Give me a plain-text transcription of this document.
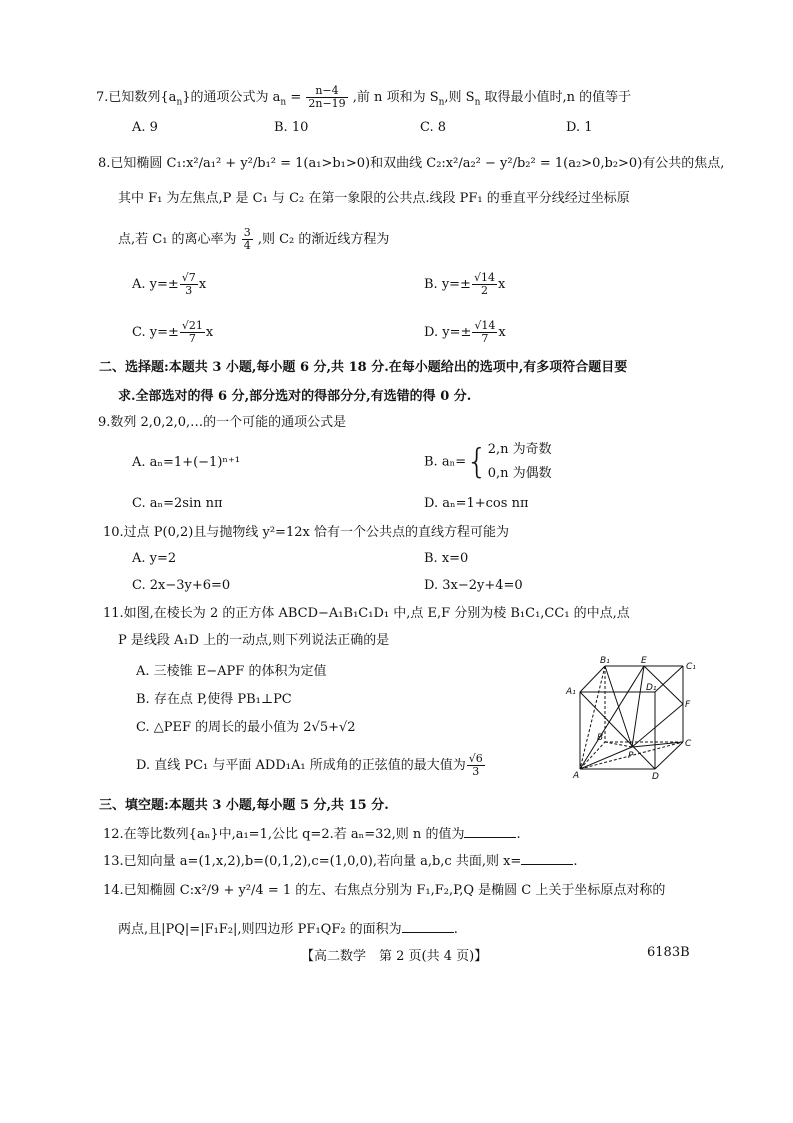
7.已知数列$\{a_n\}$的通项公式为 $a_n = \frac{n-4}{2n-19}$ ,前 n 项和为 $S_n$,则 $S_n$ 取得最小值时,n 的值等于
A. 9	B. 10	C. 8	D. 1
8.已知椭圆 C₁:x²/a₁² + y²/b₁² = 1(a₁>b₁>0)和双曲线 C₂:x²/a₂² − y²/b₂² = 1(a₂>0,b₂>0)有公共的焦点,
其中 F₁ 为左焦点,P 是 C₁ 与 C₂ 在第一象限的公共点.线段 PF₁ 的垂直平分线经过坐标原
点,若 C₁ 的离心率为 $\frac{3}{4}$ ,则 C₂ 的渐近线方程为
A. $y=\pm \frac{√7}{3}$ x	B. $y=\pm \frac{√14}{2}$ x
C. $y=\pm \frac{√21}{7}$ x	D. $y=\pm \frac{√14}{7}$ x
二、选择题:本题共 3 小题,每小题 6 分,共 18 分.在每小题给出的选项中,有多项符合题目要
求.全部选对的得 6 分,部分选对的得部分分,有选错的得 0 分.
9.数列 2,0,2,0,…的一个可能的通项公式是
A. aₙ=1+(−1)ⁿ⁺¹	B. aₙ={ 2,n 为奇数
0,n 为偶数
C. aₙ=2sin nπ	D. aₙ=1+cos nπ
10.过点 P(0,2)且与抛物线 y²=12x 恰有一个公共点的直线方程可能为
A. y=2	B. x=0
C. 2x−3y+6=0	D. 3x−2y+4=0
11.如图,在棱长为 2 的正方体 ABCD−A₁B₁C₁D₁ 中,点 E,F 分别为棱 B₁C₁,CC₁ 的中点,点
P 是线段 A₁D 上的一动点,则下列说法正确的是
A. 三棱锥 E−APF 的体积为定值
B. 存在点 P,使得 PB₁⊥PC
C. △PEF 的周长的最小值为 2√5+√2
D. 直线 PC₁ 与平面 ADD₁A₁ 所成角的正弦值的最大值为 $\frac{√6}{3}$
B₁	E
C₁
A₁	D₁
F
B
P
C
A	D
三、填空题:本题共 3 小题,每小题 5 分,共 15 分.
12.在等比数列{aₙ}中,a₁=1,公比 q=2.若 aₙ=32,则 n 的值为	.
13.已知向量 a=(1,x,2),b=(0,1,2),c=(1,0,0),若向量 a,b,c 共面,则 x=	.
14.已知椭圆 C:x²/9 + y²/4 = 1 的左、右焦点分别为 F₁,F₂,P,Q 是椭圆 C 上关于坐标原点对称的
两点,且|PQ|=|F₁F₂|,则四边形 PF₁QF₂ 的面积为	.
【高二数学　第 2 页(共 4 页)】	6183B
